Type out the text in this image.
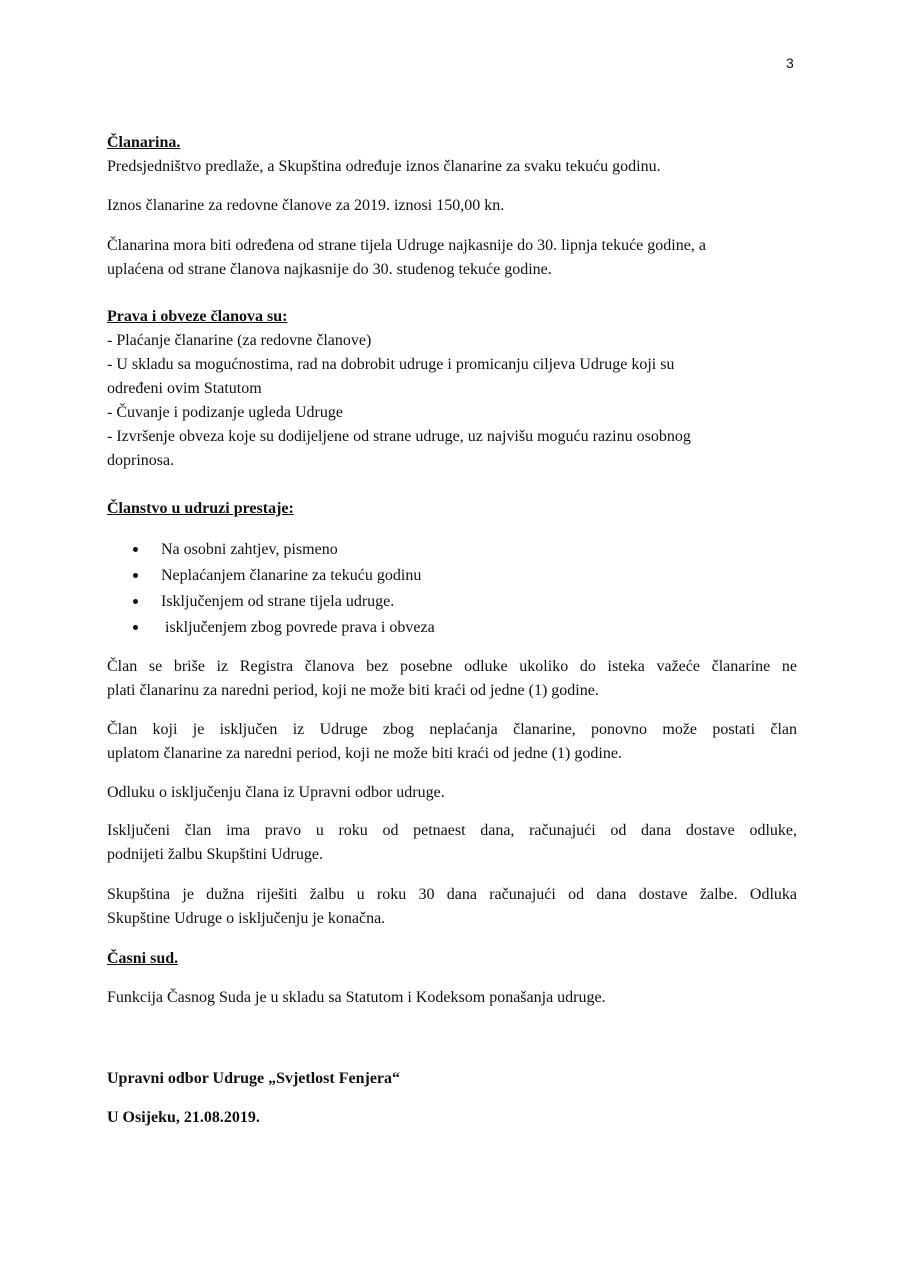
3
Članarina.
Predsjedništvo predlaže, a Skupština određuje iznos članarine za svaku tekuću godinu.
Iznos članarine za redovne članove za 2019. iznosi 150,00 kn.
Članarina mora biti određena od strane tijela Udruge najkasnije do 30. lipnja tekuće godine, a
uplaćena od strane članova najkasnije do 30. studenog tekuće godine.
Prava i obveze članova su:
- Plaćanje članarine (za redovne članove)
- U skladu sa mogućnostima, rad na dobrobit udruge i promicanju ciljeva Udruge koji su
određeni ovim Statutom
- Čuvanje i podizanje ugleda Udruge
- Izvršenje obveza koje su dodijeljene od strane udruge, uz najvišu moguću razinu osobnog
doprinosa.
Članstvo u udruzi prestaje:
Na osobni zahtjev, pismeno
Neplaćanjem članarine za tekuću godinu
Isključenjem od strane tijela udruge.
isključenjem zbog povrede prava i obveza
Član se briše iz Registra članova bez posebne odluke ukoliko do isteka važeće članarine ne
plati članarinu za naredni period, koji ne može biti kraći od jedne (1) godine.
Član koji je isključen iz Udruge zbog neplaćanja članarine, ponovno može postati član
uplatom članarine za naredni period, koji ne može biti kraći od jedne (1) godine.
Odluku o isključenju člana iz Upravni odbor udruge.
Isključeni član ima pravo u roku od petnaest dana, računajući od dana dostave odluke,
podnijeti žalbu Skupštini Udruge.
Skupština je dužna riješiti žalbu u roku 30 dana računajući od dana dostave žalbe. Odluka
Skupštine Udruge o isključenju je konačna.
Časni sud.
Funkcija Časnog Suda je u skladu sa Statutom i Kodeksom ponašanja udruge.
Upravni odbor Udruge „Svjetlost Fenjera“
U Osijeku, 21.08.2019.
